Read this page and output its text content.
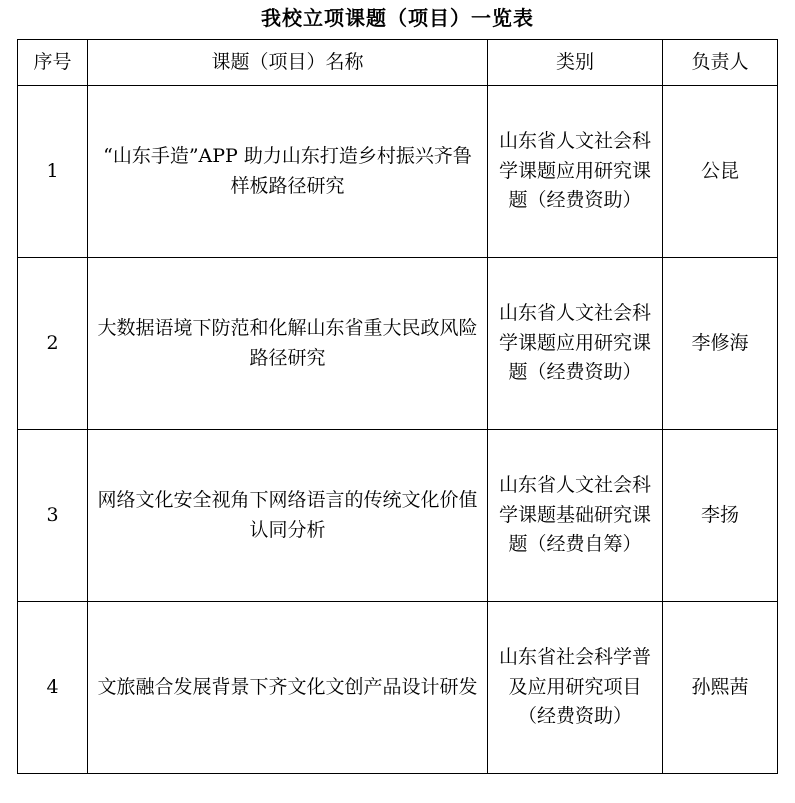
我校立项课题（项目）一览表
序号	课题（项目）名称	类别	负责人
1	“山东手造”APP 助力山东打造乡村振兴齐鲁样板路径研究	山东省人文社会科学课题应用研究课题（经费资助）	公昆
2	大数据语境下防范和化解山东省重大民政风险路径研究	山东省人文社会科学课题应用研究课题（经费资助）	李修海
3	网络文化安全视角下网络语言的传统文化价值认同分析	山东省人文社会科学课题基础研究课题（经费自筹）	李扬
4	文旅融合发展背景下齐文化文创产品设计研发	山东省社会科学普及应用研究项目（经费资助）	孙熙茜
